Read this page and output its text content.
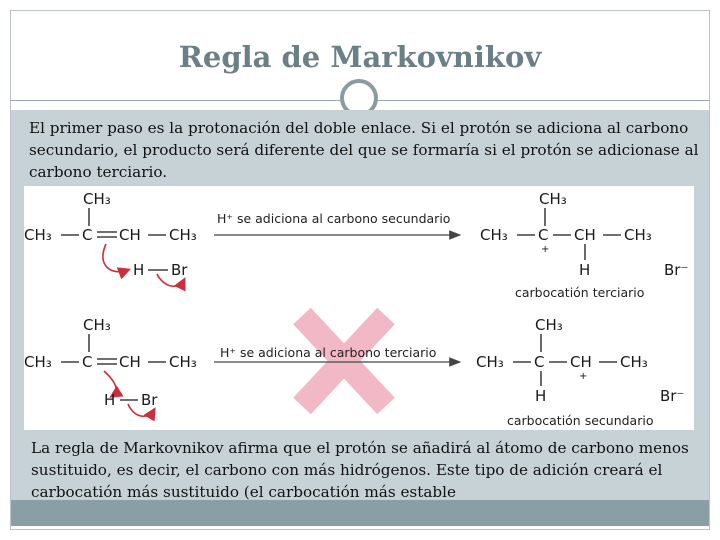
Regla de Markovnikov
El primer paso es la protonación del doble enlace. Si el protón se adiciona al carbono secundario, el producto será diferente del que se formaría si el protón se adicionase al carbono terciario.
CH₃
CH₃ C CH CH₃
H Br
H⁺ se adiciona al carbono secundario
CH₃
CH₃ C
+
CH CH₃
H	Br⁻
carbocatión terciario
CH₃
CH₃ C CH CH₃
H Br
H⁺ se adiciona al carbono terciario
CH₃
CH₃ C CH
+
CH₃
H	Br⁻
carbocatión secundario
La regla de Markovnikov afirma que el protón se añadirá al átomo de carbono menos sustituido, es decir, el carbono con más hidrógenos. Este tipo de adición creará el carbocatión más sustituido (el carbocatión más estable
